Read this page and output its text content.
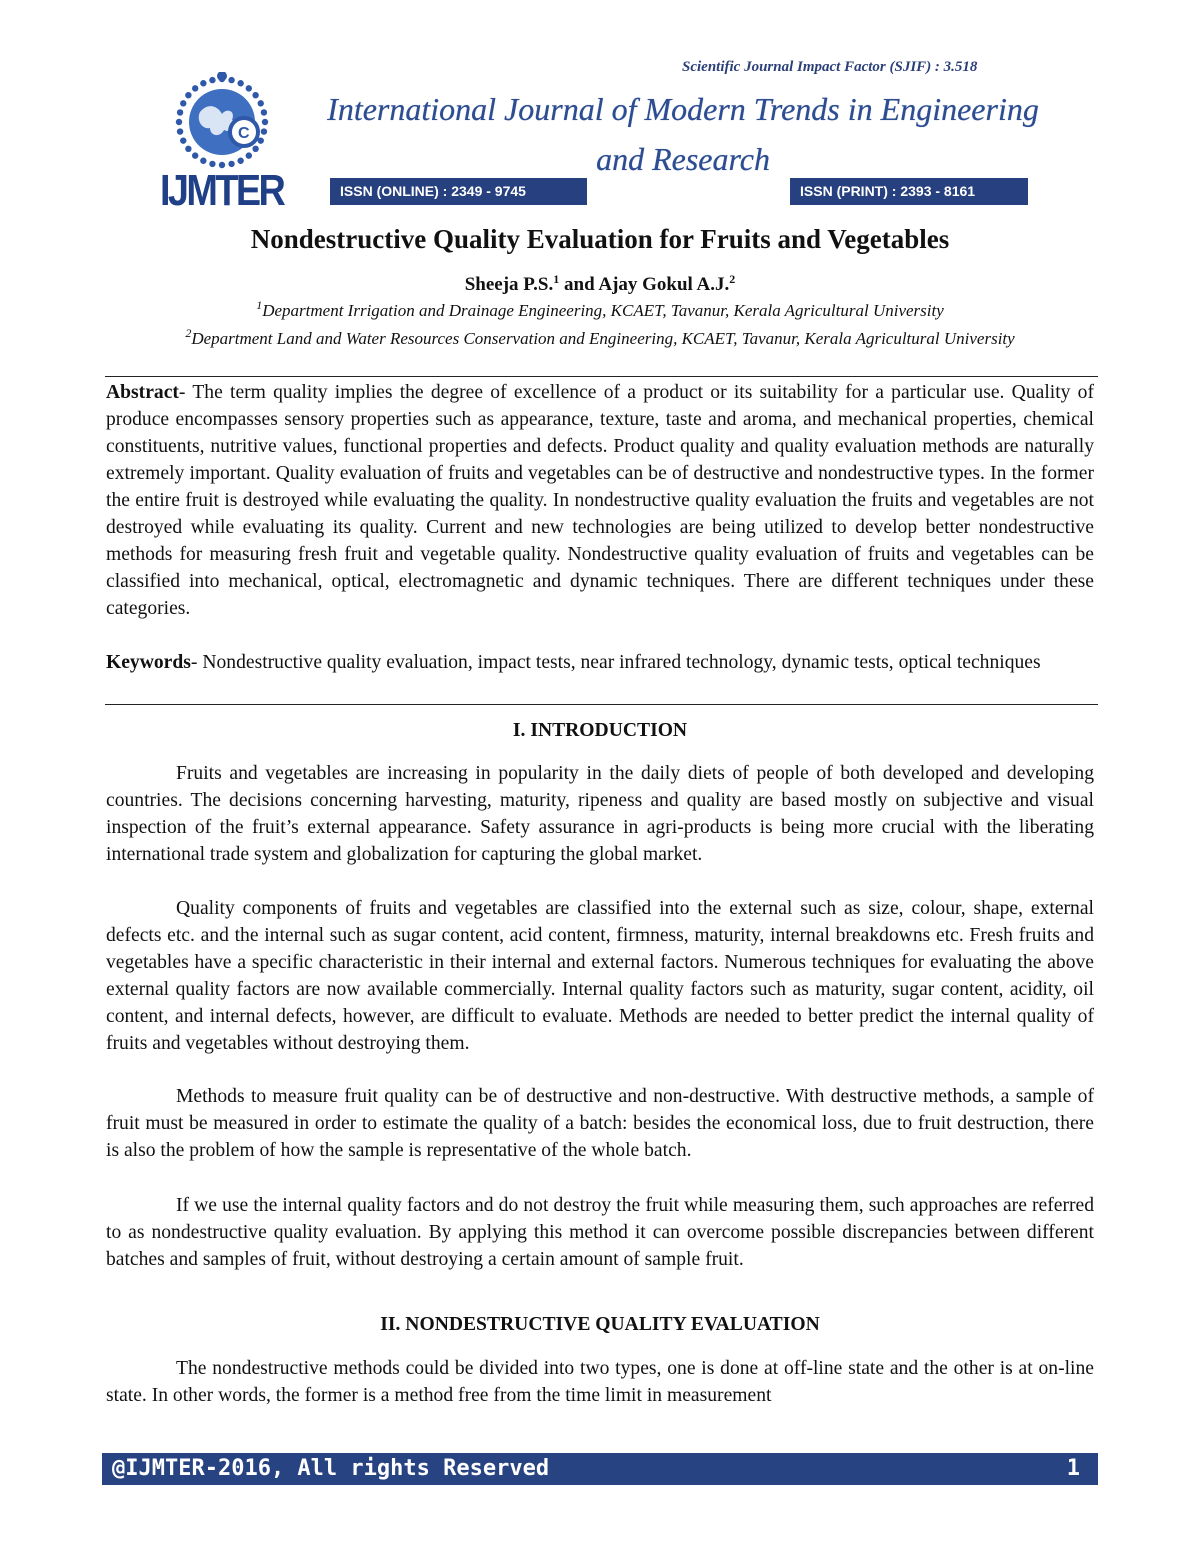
C
IJMTER
Scientific Journal Impact Factor (SJIF) : 3.518
International Journal of Modern Trends in Engineering
and Research
ISSN (ONLINE) : 2349 - 9745	ISSN (PRINT) : 2393 - 8161
Nondestructive Quality Evaluation for Fruits and Vegetables
Sheeja P.S.$^1$ and Ajay Gokul A.J.$^2$
$^1$Department Irrigation and Drainage Engineering, KCAET, Tavanur, Kerala Agricultural University
$^2$Department Land and Water Resources Conservation and Engineering, KCAET, Tavanur, Kerala Agricultural University

Abstract- The term quality implies the degree of excellence of a product or its suitability for a particular use. Quality of produce encompasses sensory properties such as appearance, texture, taste and aroma, and mechanical properties, chemical constituents, nutritive values, functional properties and defects. Product quality and quality evaluation methods are naturally extremely important. Quality evaluation of fruits and vegetables can be of destructive and nondestructive types. In the former the entire fruit is destroyed while evaluating the quality. In nondestructive quality evaluation the fruits and vegetables are not destroyed while evaluating its quality. Current and new technologies are being utilized to develop better nondestructive methods for measuring fresh fruit and vegetable quality. Nondestructive quality evaluation of fruits and vegetables can be classified into mechanical, optical, electromagnetic and dynamic techniques. There are different techniques under these categories.

Keywords- Nondestructive quality evaluation, impact tests, near infrared technology, dynamic tests, optical techniques

I. INTRODUCTION

Fruits and vegetables are increasing in popularity in the daily diets of people of both developed and developing countries. The decisions concerning harvesting, maturity, ripeness and quality are based mostly on subjective and visual inspection of the fruit’s external appearance. Safety assurance in agri-products is being more crucial with the liberating international trade system and globalization for capturing the global market.

Quality components of fruits and vegetables are classified into the external such as size, colour, shape, external defects etc. and the internal such as sugar content, acid content, firmness, maturity, internal breakdowns etc. Fresh fruits and vegetables have a specific characteristic in their internal and external factors. Numerous techniques for evaluating the above external quality factors are now available commercially. Internal quality factors such as maturity, sugar content, acidity, oil content, and internal defects, however, are difficult to evaluate. Methods are needed to better predict the internal quality of fruits and vegetables without destroying them.

Methods to measure fruit quality can be of destructive and non-destructive. With destructive methods, a sample of fruit must be measured in order to estimate the quality of a batch: besides the economical loss, due to fruit destruction, there is also the problem of how the sample is representative of the whole batch.

If we use the internal quality factors and do not destroy the fruit while measuring them, such approaches are referred to as nondestructive quality evaluation. By applying this method it can overcome possible discrepancies between different batches and samples of fruit, without destroying a certain amount of sample fruit.

II. NONDESTRUCTIVE QUALITY EVALUATION

The nondestructive methods could be divided into two types, one is done at off-line state and the other is at on-line state. In other words, the former is a method free from the time limit in measurement

@IJMTER-2016, All rights Reserved	1
